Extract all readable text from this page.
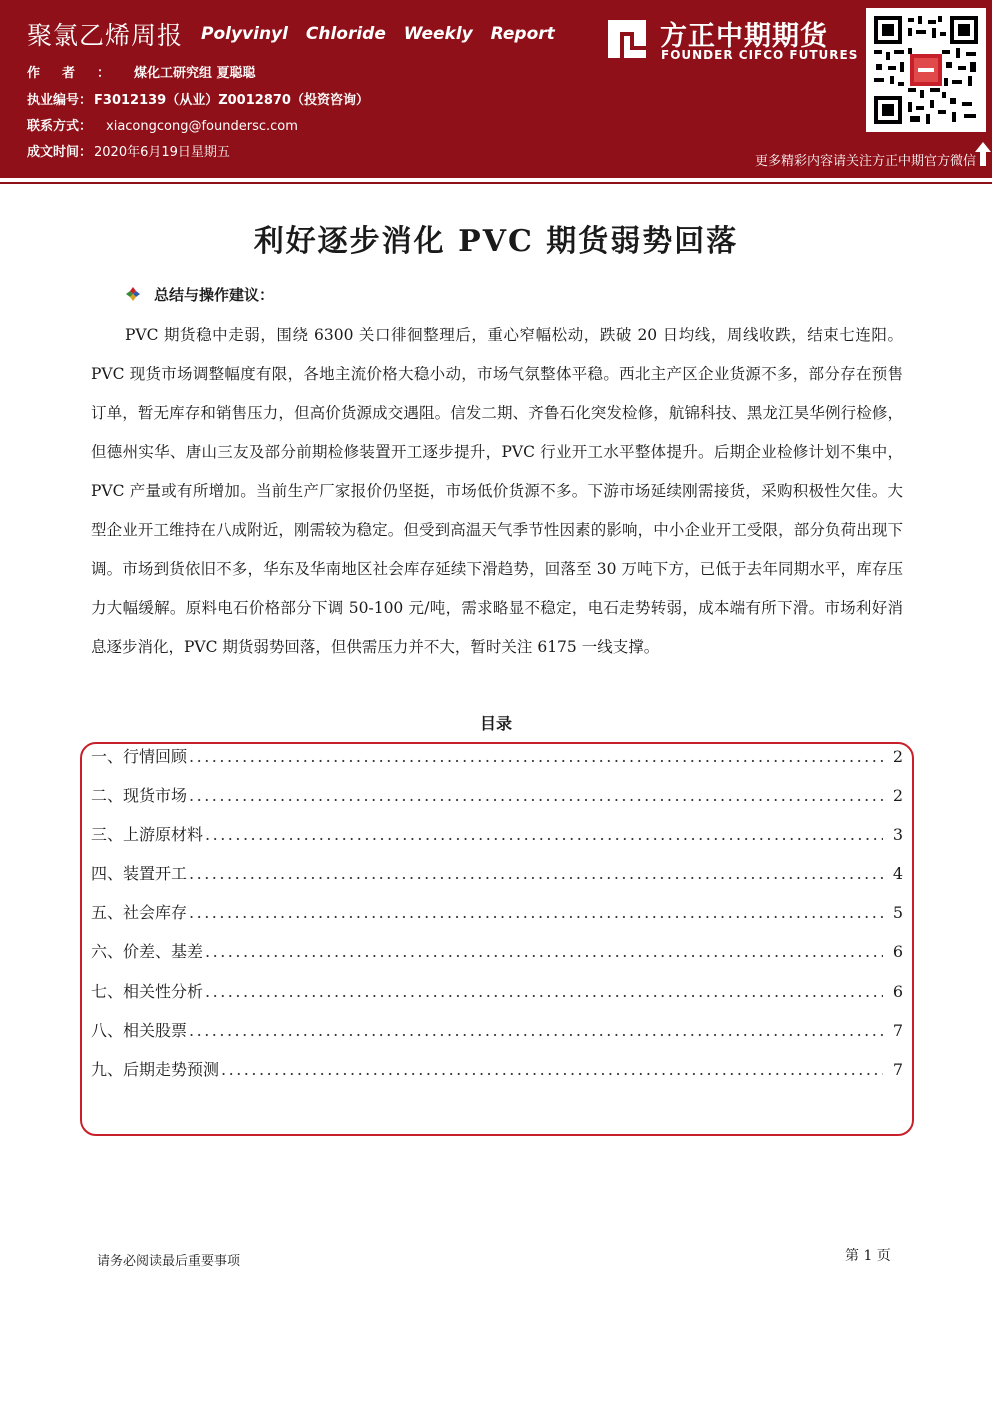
聚氯乙烯周报 Polyvinyl Chloride Weekly Report
作者： 煤化工研究组 夏聪聪
执业编号： F3012139（从业）Z0012870（投资咨询）
联系方式： xiacongcong@foundersc.com
成文时间： 2020年6月19日星期五
方正中期期货
FOUNDER CIFCO FUTURES
更多精彩内容请关注方正中期官方微信
利好逐步消化 PVC 期货弱势回落
总结与操作建议：
PVC 期货稳中走弱，围绕 6300 关口徘徊整理后，重心窄幅松动，跌破 20 日均线，周线收跌，结束七连阳。PVC 现货市场调整幅度有限，各地主流价格大稳小动，市场气氛整体平稳。西北主产区企业货源不多，部分存在预售订单，暂无库存和销售压力，但高价货源成交遇阻。信发二期、齐鲁石化突发检修，航锦科技、黑龙江昊华例行检修，但德州实华、唐山三友及部分前期检修装置开工逐步提升，PVC 行业开工水平整体提升。后期企业检修计划不集中，PVC 产量或有所增加。当前生产厂家报价仍坚挺，市场低价货源不多。下游市场延续刚需接货，采购积极性欠佳。大型企业开工维持在八成附近，刚需较为稳定。但受到高温天气季节性因素的影响，中小企业开工受限，部分负荷出现下调。市场到货依旧不多，华东及华南地区社会库存延续下滑趋势，回落至 30 万吨下方，已低于去年同期水平，库存压力大幅缓解。原料电石价格部分下调 50-100 元/吨，需求略显不稳定，电石走势转弱，成本端有所下滑。市场利好消息逐步消化，PVC 期货弱势回落，但供需压力并不大，暂时关注 6175 一线支撑。
目录
一、行情回顾 .....	2
二、现货市场 .....	2
三、上游原材料 .....	3
四、装置开工 .....	4
五、社会库存 .....	5
六、价差、基差 .....	6
七、相关性分析 .....	6
八、相关股票 .....	7
九、后期走势预测 .....	7
请务必阅读最后重要事项	第 1 页
